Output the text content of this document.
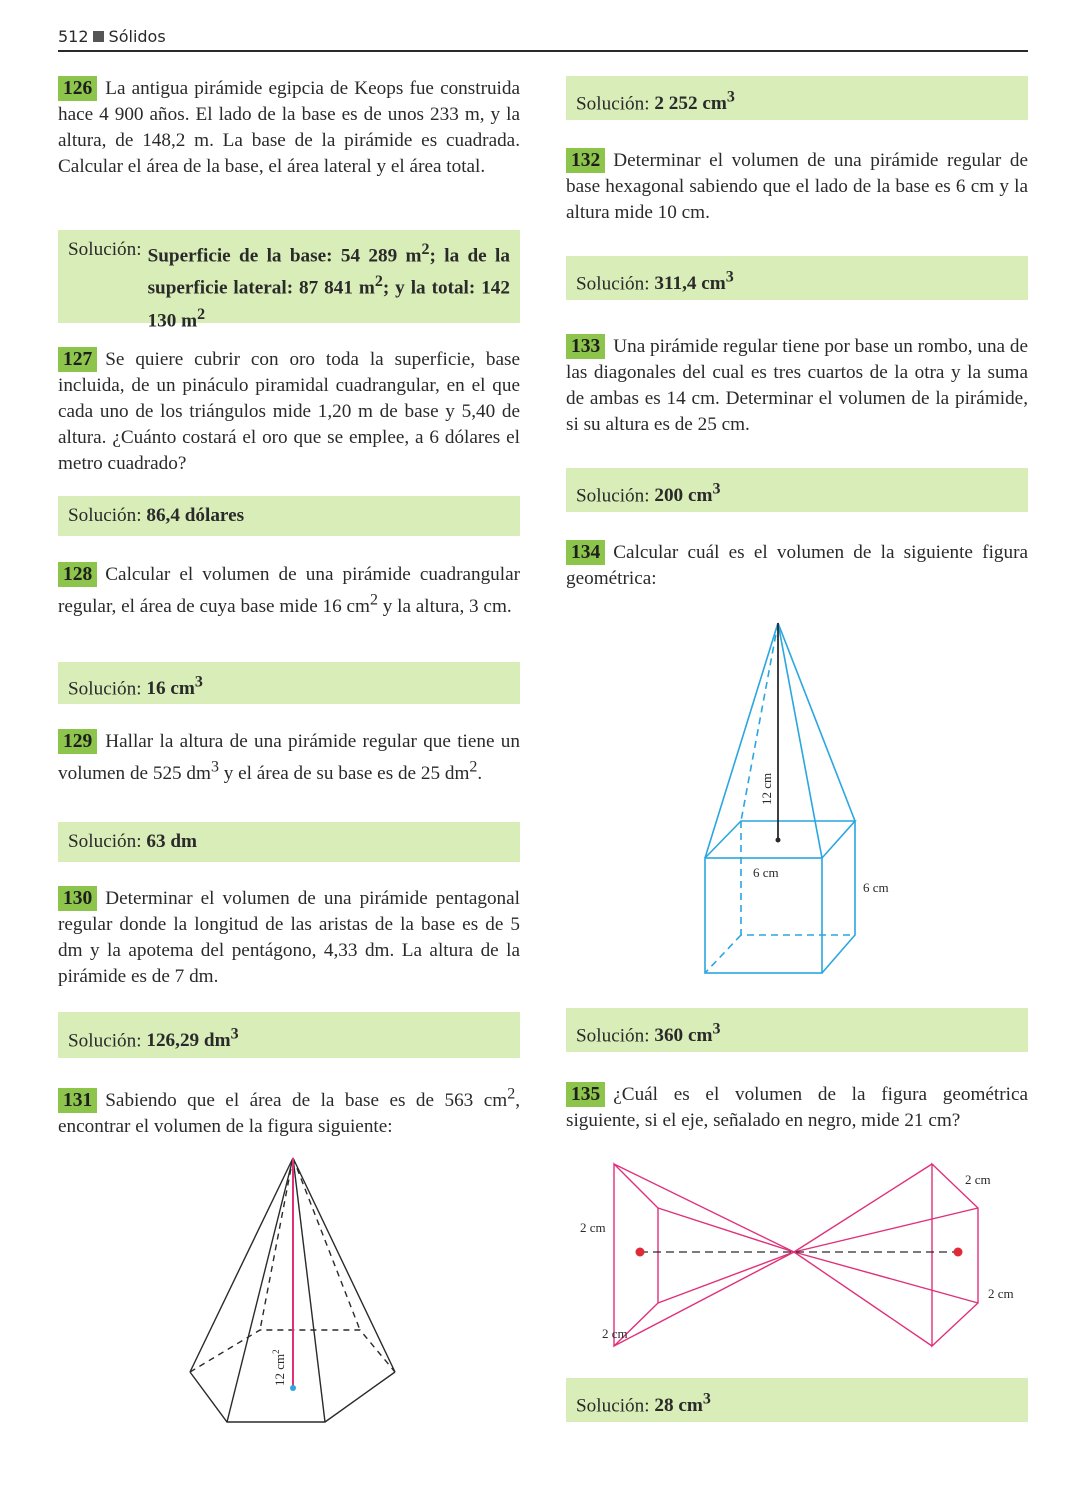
512 Sólidos
126 La antigua pirámide egipcia de Keops fue construida hace 4 900 años. El lado de la base es de unos 233 m, y la altura, de 148,2 m. La base de la pirámide es cuadrada. Calcular el área de la base, el área lateral y el área total.
Solución: Superficie de la base: 54 289 $m^2$; la de la superficie lateral: 87 841 $m^2$; y la total: 142 130 $m^2$
127 Se quiere cubrir con oro toda la superficie, base incluida, de un pináculo piramidal cuadrangular, en el que cada uno de los triángulos mide 1,20 m de base y 5,40 de altura. ¿Cuánto costará el oro que se emplee, a 6 dólares el metro cuadrado?
Solución: 86,4 dólares
128 Calcular el volumen de una pirámide cuadrangular regular, el área de cuya base mide 16 $cm^2$ y la altura, 3 cm.
Solución: 16 $cm^3$
129 Hallar la altura de una pirámide regular que tiene un volumen de 525 $dm^3$ y el área de su base es de 25 $dm^2$.
Solución: 63 dm
130 Determinar el volumen de una pirámide pentagonal regular donde la longitud de las aristas de la base es de 5 dm y la apotema del pentágono, 4,33 dm. La altura de la pirámide es de 7 dm.
Solución: 126,29 $dm^3$
131 Sabiendo que el área de la base es de 563 $cm^2$, encontrar el volumen de la figura siguiente:
12 $cm^2$
Solución: 2 252 $cm^3$
132 Determinar el volumen de una pirámide regular de base hexagonal sabiendo que el lado de la base es 6 cm y la altura mide 10 cm.
Solución: 311,4 $cm^3$
133 Una pirámide regular tiene por base un rombo, una de las diagonales del cual es tres cuartos de la otra y la suma de ambas es 14 cm. Determinar el volumen de la pirámide, si su altura es de 25 cm.
Solución: 200 $cm^3$
134 Calcular cuál es el volumen de la siguiente figura geométrica:
12 cm
6 cm
6 cm
Solución: 360 $cm^3$
135 ¿Cuál es el volumen de la figura geométrica siguiente, si el eje, señalado en negro, mide 21 cm?
2 cm
2 cm
2 cm
2 cm
Solución: 28 $cm^3$
